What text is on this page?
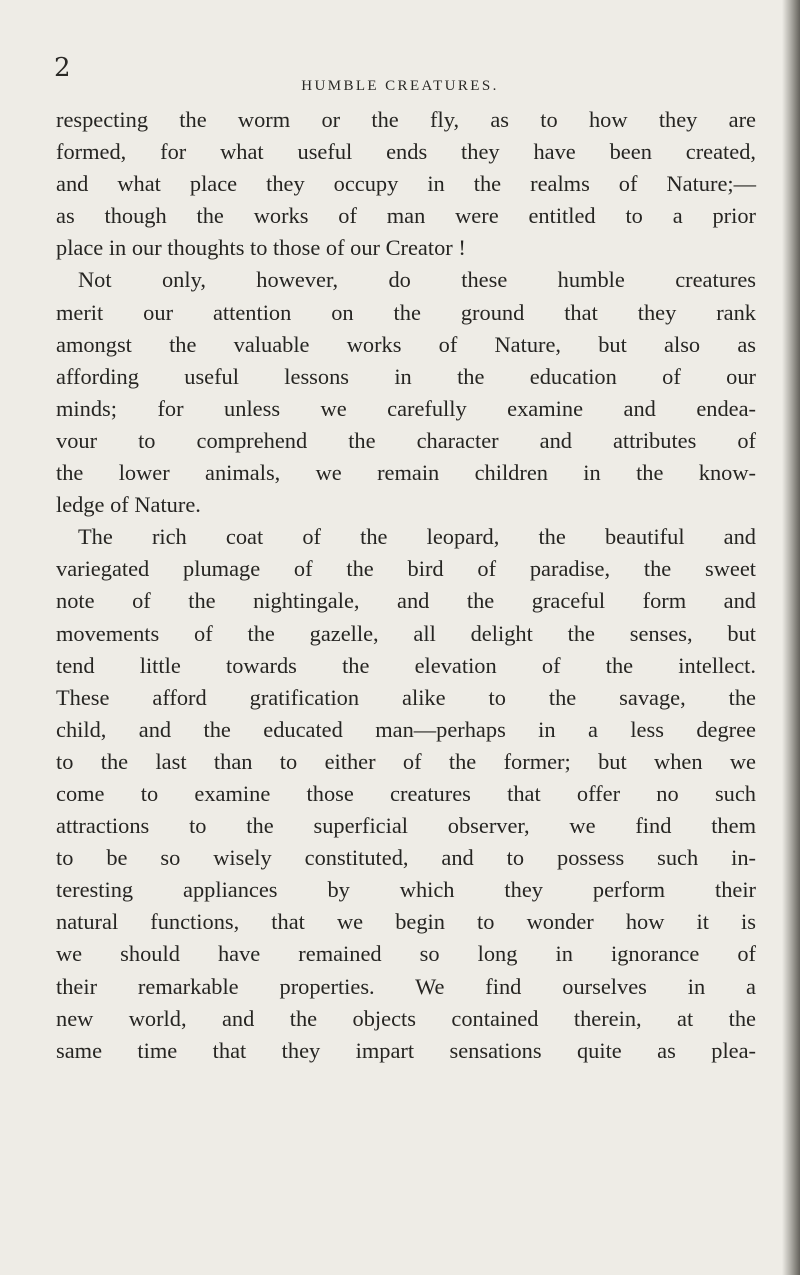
2
HUMBLE CREATURES.
respecting the worm or the fly, as to how they are
formed, for what useful ends they have been created,
and what place they occupy in the realms of Nature;—
as though the works of man were entitled to a prior
place in our thoughts to those of our Creator !
Not only, however, do these humble creatures
merit our attention on the ground that they rank
amongst the valuable works of Nature, but also as
affording useful lessons in the education of our
minds; for unless we carefully examine and endea-
vour to comprehend the character and attributes of
the lower animals, we remain children in the know-
ledge of Nature.
The rich coat of the leopard, the beautiful and
variegated plumage of the bird of paradise, the sweet
note of the nightingale, and the graceful form and
movements of the gazelle, all delight the senses, but
tend little towards the elevation of the intellect.
These afford gratification alike to the savage, the
child, and the educated man—perhaps in a less degree
to the last than to either of the former; but when we
come to examine those creatures that offer no such
attractions to the superficial observer, we find them
to be so wisely constituted, and to possess such in-
teresting appliances by which they perform their
natural functions, that we begin to wonder how it is
we should have remained so long in ignorance of
their remarkable properties. We find ourselves in a
new world, and the objects contained therein, at the
same time that they impart sensations quite as plea-
